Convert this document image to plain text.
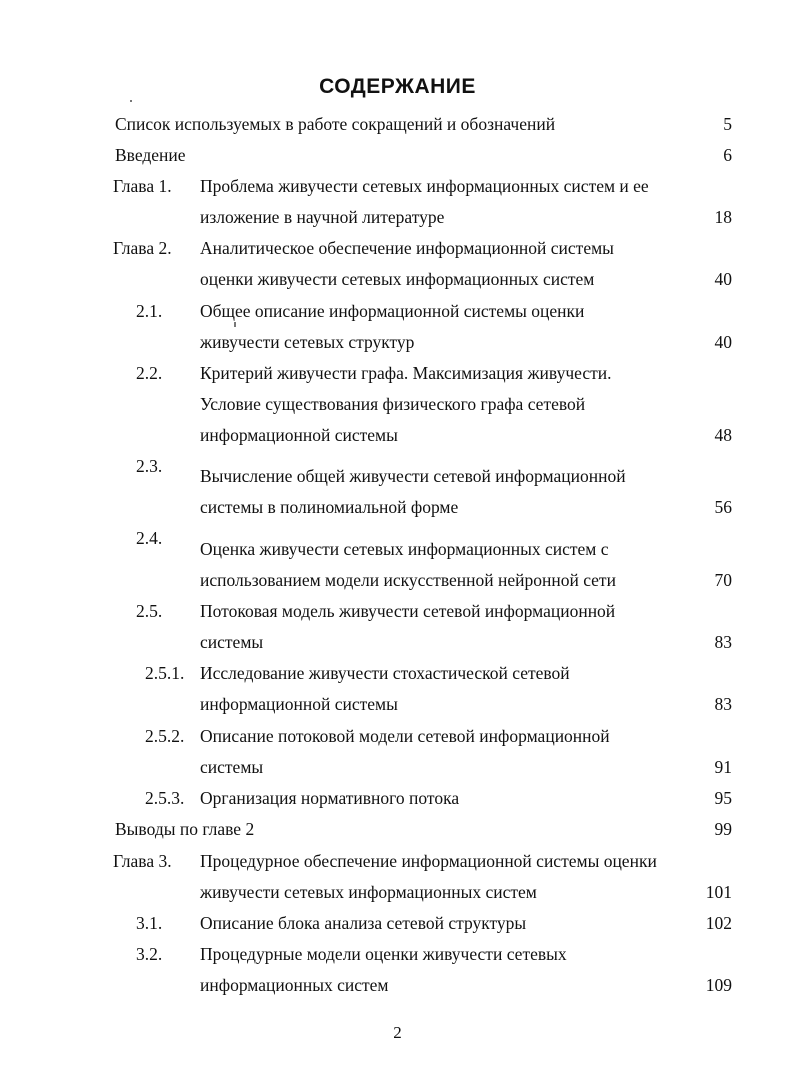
СОДЕРЖАНИЕ
Список используемых в работе сокращений и обозначений	5
Введение	6
Глава 1. Проблема живучести сетевых информационных систем и ее
изложение в научной литературе	18
Глава 2. Аналитическое обеспечение информационной системы
оценки живучести сетевых информационных систем	40
2.1. Общее описание информационной системы оценки
живучести сетевых структур	40
2.2. Критерий живучести графа. Максимизация живучести.
Условие существования физического графа сетевой
информационной системы	48
2.3. Вычисление общей живучести сетевой информационной
системы в полиномиальной форме	56
2.4.
Оценка живучести сетевых информационных систем с
использованием модели искусственной нейронной сети	70
2.5. Потоковая модель живучести сетевой информационной
системы	83
2.5.1. Исследование живучести стохастической сетевой
информационной системы	83
2.5.2. Описание потоковой модели сетевой информационной
системы	91
2.5.3. Организация нормативного потока	95
Выводы по главе 2	99
Глава 3. Процедурное обеспечение информационной системы оценки
живучести сетевых информационных систем	101
3.1. Описание блока анализа сетевой структуры	102
3.2. Процедурные модели оценки живучести сетевых
информационных систем	109
2
